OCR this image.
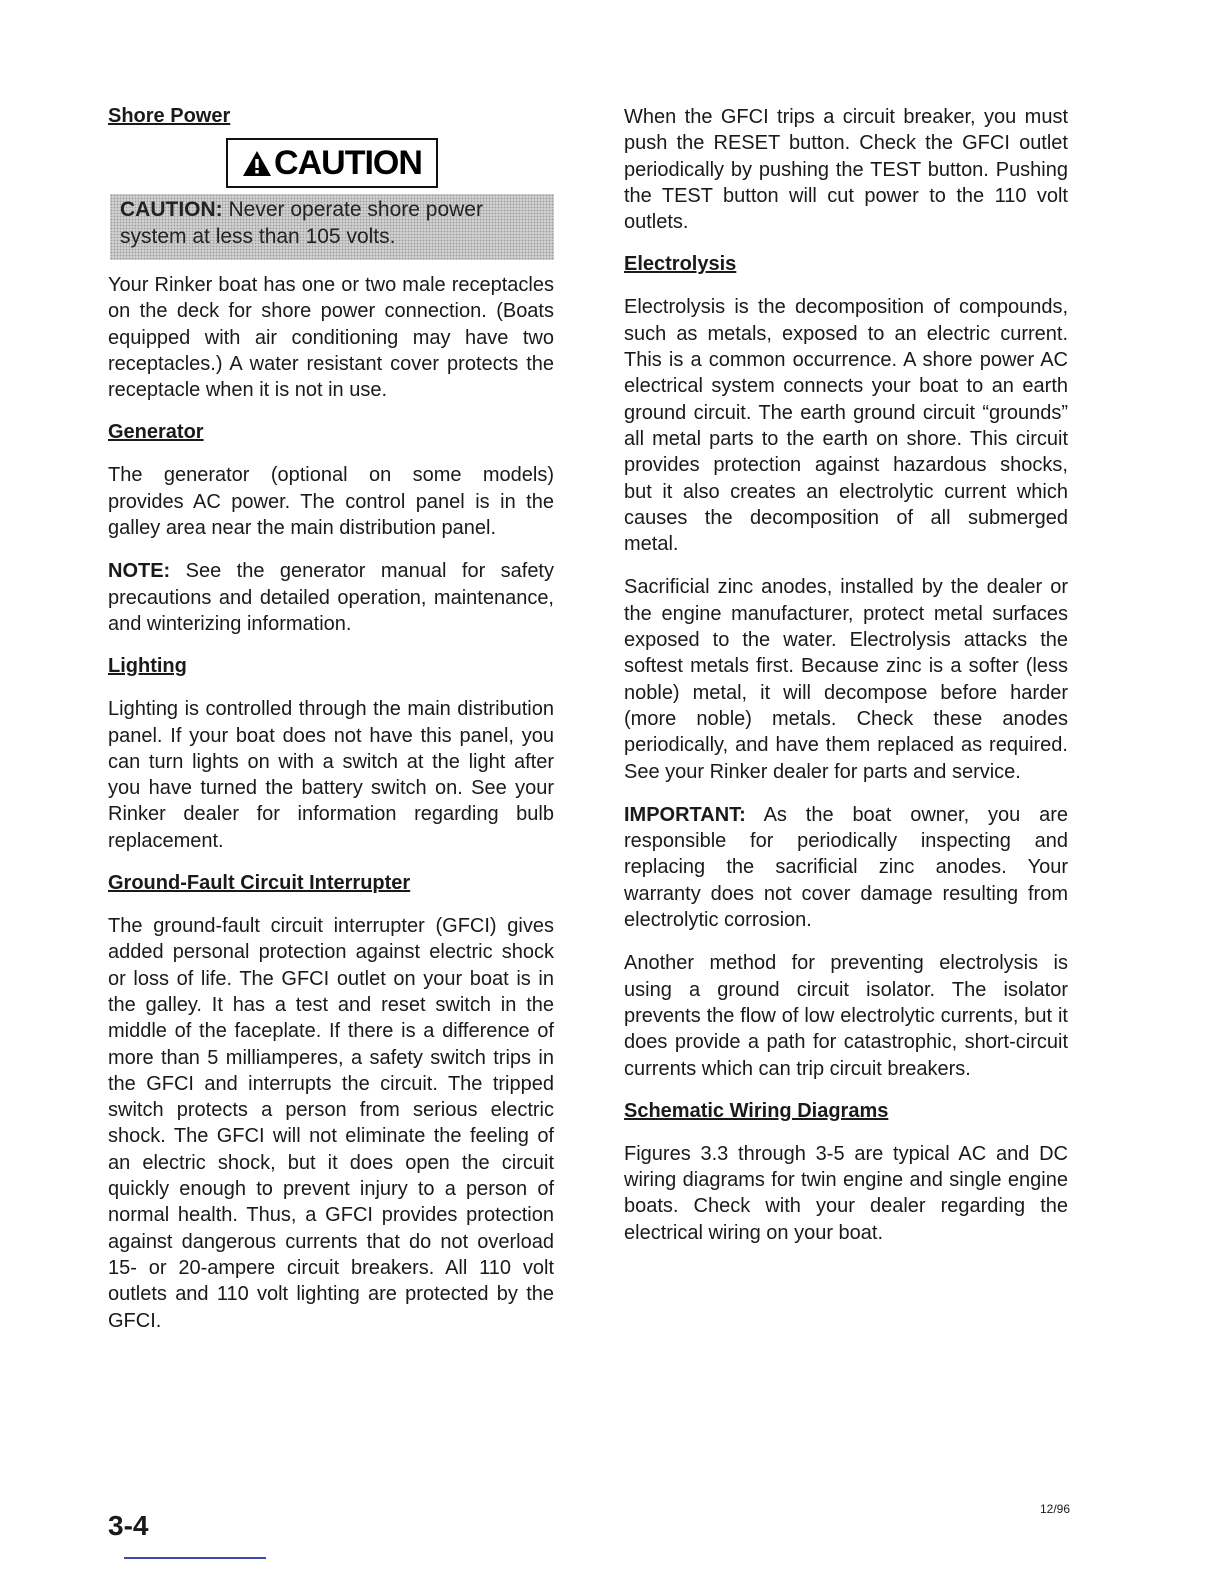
Shore Power
CAUTION
CAUTION: Never operate shore power system at less than 105 volts.

Your Rinker boat has one or two male receptacles on the deck for shore power connection. (Boats equipped with air conditioning may have two receptacles.) A water resistant cover protects the receptacle when it is not in use.

Generator

The generator (optional on some models) provides AC power. The control panel is in the galley area near the main distribution panel.

NOTE: See the generator manual for safety precautions and detailed operation, maintenance, and winterizing information.

Lighting

Lighting is controlled through the main distribution panel. If your boat does not have this panel, you can turn lights on with a switch at the light after you have turned the battery switch on. See your Rinker dealer for information regarding bulb replacement.

Ground-Fault Circuit Interrupter

The ground-fault circuit interrupter (GFCI) gives added personal protection against electric shock or loss of life. The GFCI outlet on your boat is in the galley. It has a test and reset switch in the middle of the faceplate. If there is a difference of more than 5 milliamperes, a safety switch trips in the GFCI and interrupts the circuit. The tripped switch protects a person from serious electric shock. The GFCI will not eliminate the feeling of an electric shock, but it does open the circuit quickly enough to prevent injury to a person of normal health. Thus, a GFCI provides protection against dangerous currents that do not overload 15- or 20-ampere circuit breakers. All 110 volt outlets and 110 volt lighting are protected by the GFCI.

When the GFCI trips a circuit breaker, you must push the RESET button. Check the GFCI outlet periodically by pushing the TEST button. Pushing the TEST button will cut power to the 110 volt outlets.

Electrolysis

Electrolysis is the decomposition of compounds, such as metals, exposed to an electric current. This is a common occurrence. A shore power AC electrical system connects your boat to an earth ground circuit. The earth ground circuit “grounds” all metal parts to the earth on shore. This circuit provides protection against hazardous shocks, but it also creates an electrolytic current which causes the decomposition of all submerged metal.

Sacrificial zinc anodes, installed by the dealer or the engine manufacturer, protect metal surfaces exposed to the water. Electrolysis attacks the softest metals first. Because zinc is a softer (less noble) metal, it will decompose before harder (more noble) metals. Check these anodes periodically, and have them replaced as required. See your Rinker dealer for parts and service.

IMPORTANT: As the boat owner, you are responsible for periodically inspecting and replacing the sacrificial zinc anodes. Your warranty does not cover damage resulting from electrolytic corrosion.

Another method for preventing electrolysis is using a ground circuit isolator. The isolator prevents the flow of low electrolytic currents, but it does provide a path for catastrophic, short-circuit currents which can trip circuit breakers.

Schematic Wiring Diagrams

Figures 3.3 through 3-5 are typical AC and DC wiring diagrams for twin engine and single engine boats. Check with your dealer regarding the electrical wiring on your boat.

3-4
12/96
